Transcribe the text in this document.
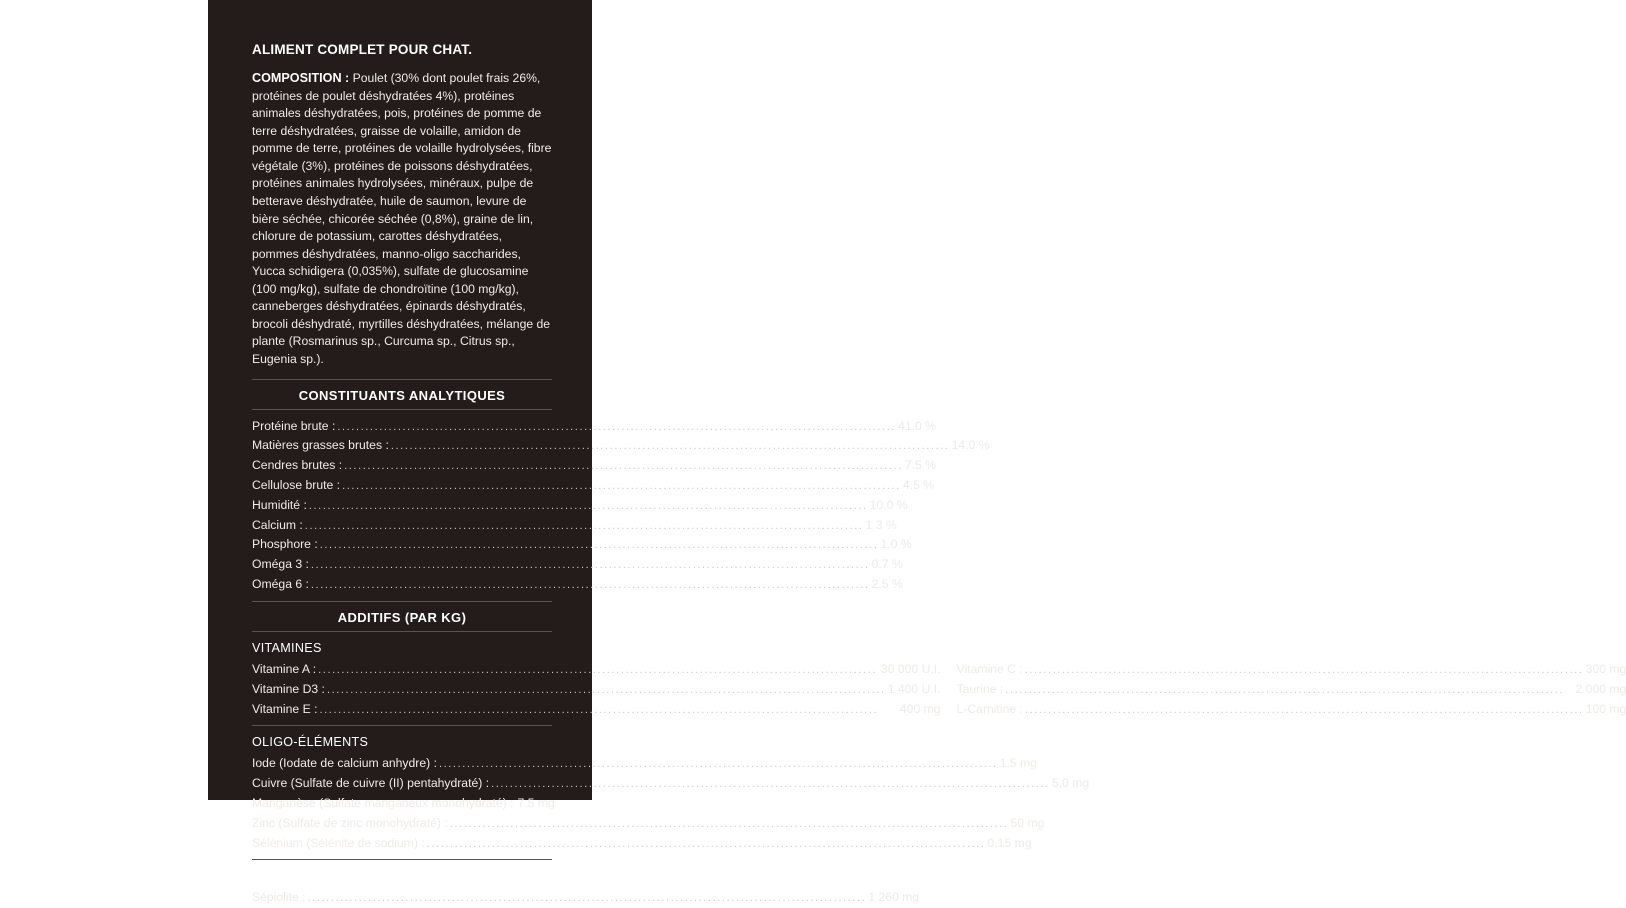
ALIMENT COMPLET POUR CHAT.

COMPOSITION : Poulet (30% dont poulet frais 26%, protéines de poulet déshydratées 4%), protéines animales déshydratées, pois, protéines de pomme de terre déshydratées, graisse de volaille, amidon de pomme de terre, protéines de volaille hydrolysées, fibre végétale (3%), protéines de poissons déshydratées, protéines animales hydrolysées, minéraux, pulpe de betterave déshydratée, huile de saumon, levure de bière séchée, chicorée séchée (0,8%), graine de lin, chlorure de potassium, carottes déshydratées, pommes déshydratées, manno-oligo saccharides, Yucca schidigera (0,035%), sulfate de glucosamine (100 mg/kg), sulfate de chondroïtine (100 mg/kg), canneberges déshydratées, épinards déshydratés, brocoli déshydraté, myrtilles déshydratées, mélange de plante (Rosmarinus sp., Curcuma sp., Citrus sp., Eugenia sp.).

CONSTITUANTS ANALYTIQUES
Protéine brute : ........................................................................................................................ 41.0 %
Matières grasses brutes : ........................................................................................................................ 14.0 %
Cendres brutes : ........................................................................................................................ 7.5 %
Cellulose brute : ........................................................................................................................ 4.5 %
Humidité : ........................................................................................................................ 10.0 %
Calcium : ........................................................................................................................ 1.3 %
Phosphore : ........................................................................................................................ 1.0 %
Oméga 3 : ........................................................................................................................ 0.7 %
Oméga 6 : ........................................................................................................................ 2.5 %
ADDITIFS (PAR KG)
VITAMINES
Vitamine A : ........................................................................................................................ 30 000 U.I.
Vitamine D3 : ........................................................................................................................ 1 400 U.I.
Vitamine E : ........................................................................................................................	400 mg
Vitamine C : ........................................................................................................................ 300 mg
Taurine : ........................................................................................................................ 2 000 mg
L-Carnitine : ........................................................................................................................ 100 mg
OLIGO-ÉLÉMENTS
Iode (Iodate de calcium anhydre) : ........................................................................................................................ 1.5 mg
Cuivre (Sulfate de cuivre (II) pentahydraté) : ........................................................................................................................ 5.0 mg
Manganèse (Sulfate manganeux monohydraté) : 7.5 mg
Zinc (Sulfate de zinc monohydraté) : ........................................................................................................................ 50 mg
Sélénium (Sélénite de sodium) : ........................................................................................................................ 0.15 mg
LIANTS
Sépiolite : ........................................................................................................................ 1 260 mg
